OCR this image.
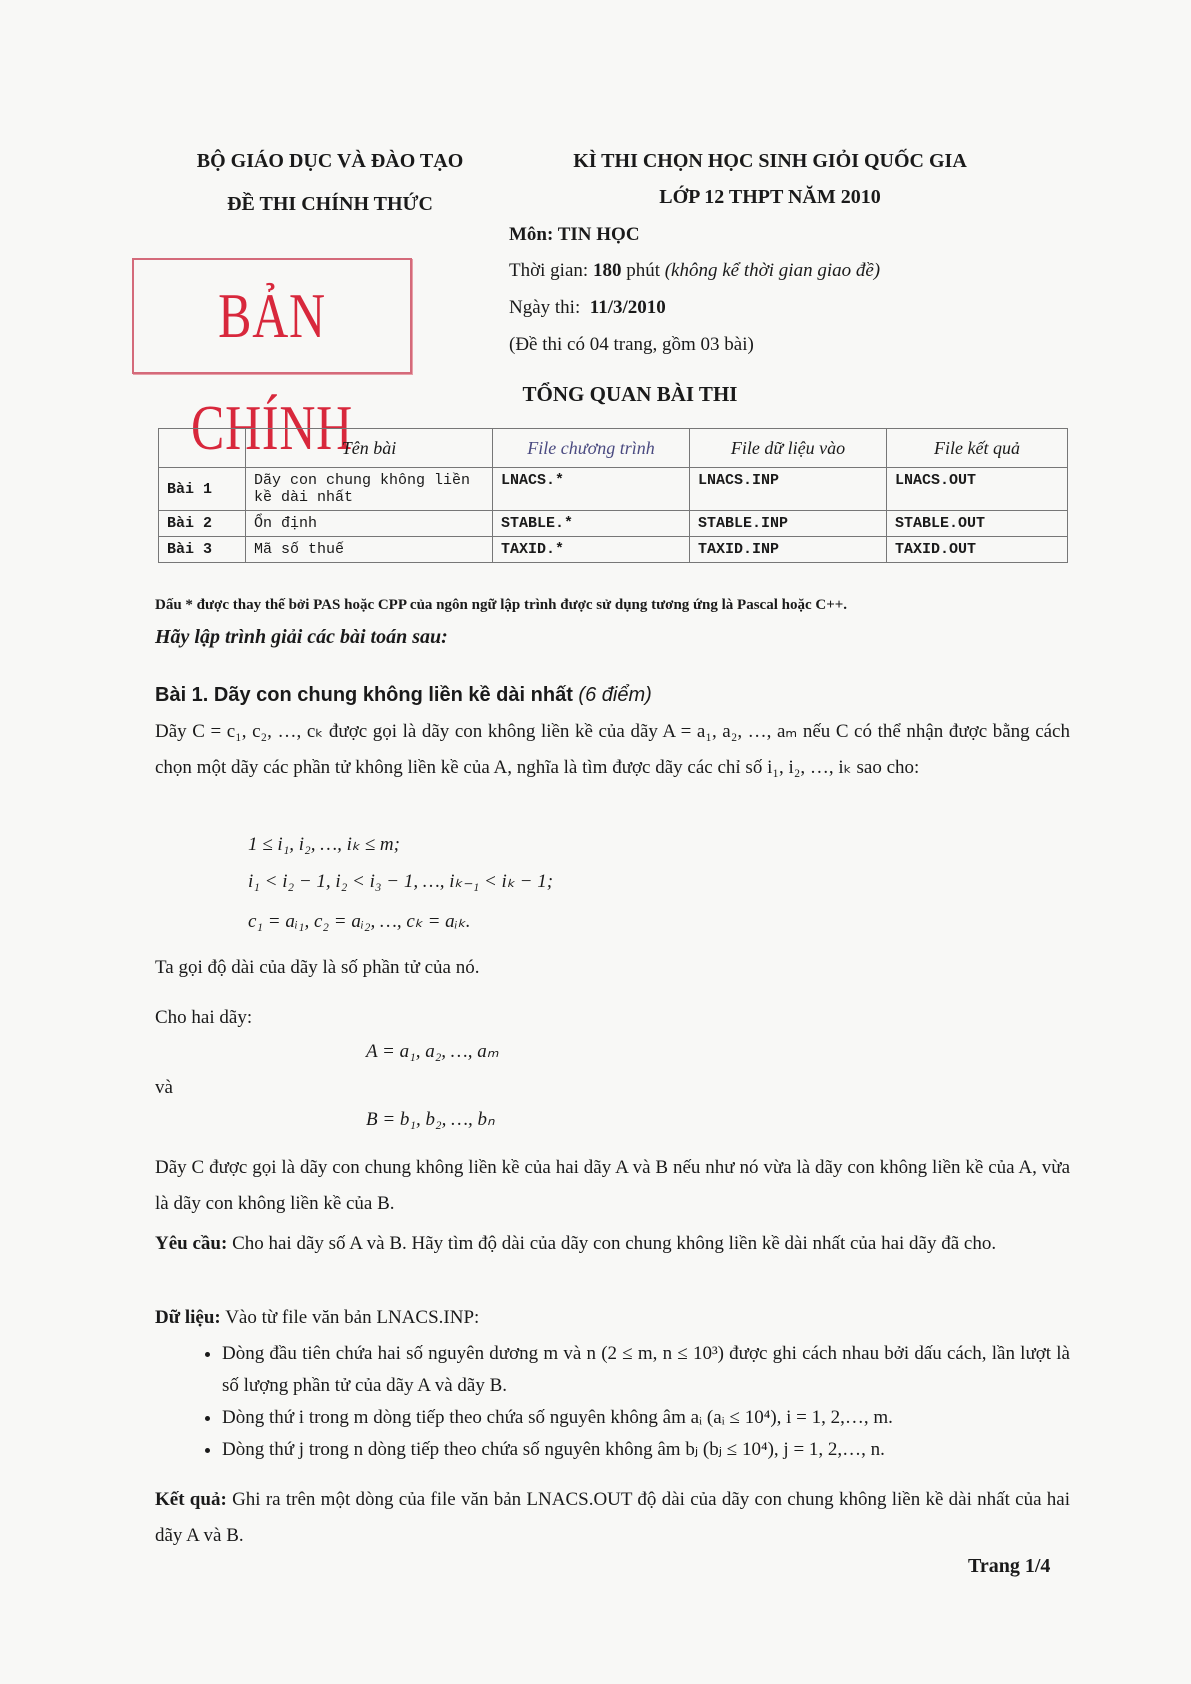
BỘ GIÁO DỤC VÀ ĐÀO TẠO
ĐỀ THI CHÍNH THỨC
BẢN CHÍNH
KÌ THI CHỌN HỌC SINH GIỎI QUỐC GIA
LỚP 12 THPT NĂM 2010
Môn: TIN HỌC
Thời gian: 180 phút (không kể thời gian giao đề)
Ngày thi: 11/3/2010
(Đề thi có 04 trang, gồm 03 bài)
TỔNG QUAN BÀI THI
	Tên bài	File chương trình	File dữ liệu vào	File kết quả
Bài 1	Dãy con chung không liền kề dài nhất	LNACS.*	LNACS.INP	LNACS.OUT
Bài 2	Ổn định	STABLE.*	STABLE.INP	STABLE.OUT
Bài 3	Mã số thuế	TAXID.*	TAXID.INP	TAXID.OUT
Dấu * được thay thế bởi PAS hoặc CPP của ngôn ngữ lập trình được sử dụng tương ứng là Pascal hoặc C++.
Hãy lập trình giải các bài toán sau:
Bài 1. Dãy con chung không liền kề dài nhất (6 điểm)
Dãy C = c₁, c₂, …, cₖ được gọi là dãy con không liền kề của dãy A = a₁, a₂, …, aₘ nếu C có thể nhận được bằng cách chọn một dãy các phần tử không liền kề của A, nghĩa là tìm được dãy các chỉ số i₁, i₂, …, iₖ sao cho:
1 ≤ i₁, i₂, …, iₖ ≤ m;
i₁ < i₂ − 1, i₂ < i₃ − 1, …, iₖ₋₁ < iₖ − 1;
c₁ = aᵢ₁, c₂ = aᵢ₂, …, cₖ = aᵢₖ.
Ta gọi độ dài của dãy là số phần tử của nó.
Cho hai dãy:
A = a₁, a₂, …, aₘ
và
B = b₁, b₂, …, bₙ
Dãy C được gọi là dãy con chung không liền kề của hai dãy A và B nếu như nó vừa là dãy con không liền kề của A, vừa là dãy con không liền kề của B.
Yêu cầu: Cho hai dãy số A và B. Hãy tìm độ dài của dãy con chung không liền kề dài nhất của hai dãy đã cho.
Dữ liệu: Vào từ file văn bản LNACS.INP:
• Dòng đầu tiên chứa hai số nguyên dương m và n (2 ≤ m, n ≤ 10³) được ghi cách nhau bởi dấu cách, lần lượt là số lượng phần tử của dãy A và dãy B.
• Dòng thứ i trong m dòng tiếp theo chứa số nguyên không âm aᵢ (aᵢ ≤ 10⁴), i = 1, 2,…, m.
• Dòng thứ j trong n dòng tiếp theo chứa số nguyên không âm bⱼ (bⱼ ≤ 10⁴), j = 1, 2,…, n.
Kết quả: Ghi ra trên một dòng của file văn bản LNACS.OUT độ dài của dãy con chung không liền kề dài nhất của hai dãy A và B.
Trang 1/4
